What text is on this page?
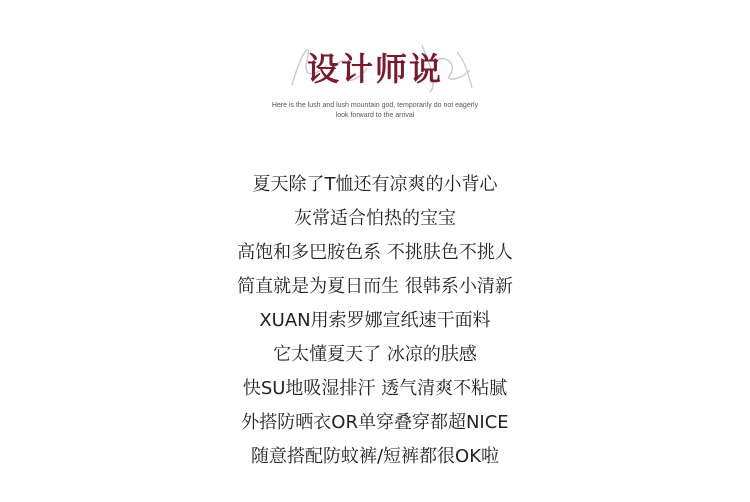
设计师说
Here is the lush and lush mountain god, temporarily do not eagerly
look forward to the arrival
夏天除了T恤还有凉爽的小背心
灰常适合怕热的宝宝
高饱和多巴胺色系 不挑肤色不挑人
简直就是为夏日而生 很韩系小清新
XUAN用索罗娜宣纸速干面料
它太懂夏天了 冰凉的肤感
快SU地吸湿排汗 透气清爽不粘腻
外搭防晒衣OR单穿叠穿都超NICE
随意搭配防蚊裤/短裤都很OK啦
